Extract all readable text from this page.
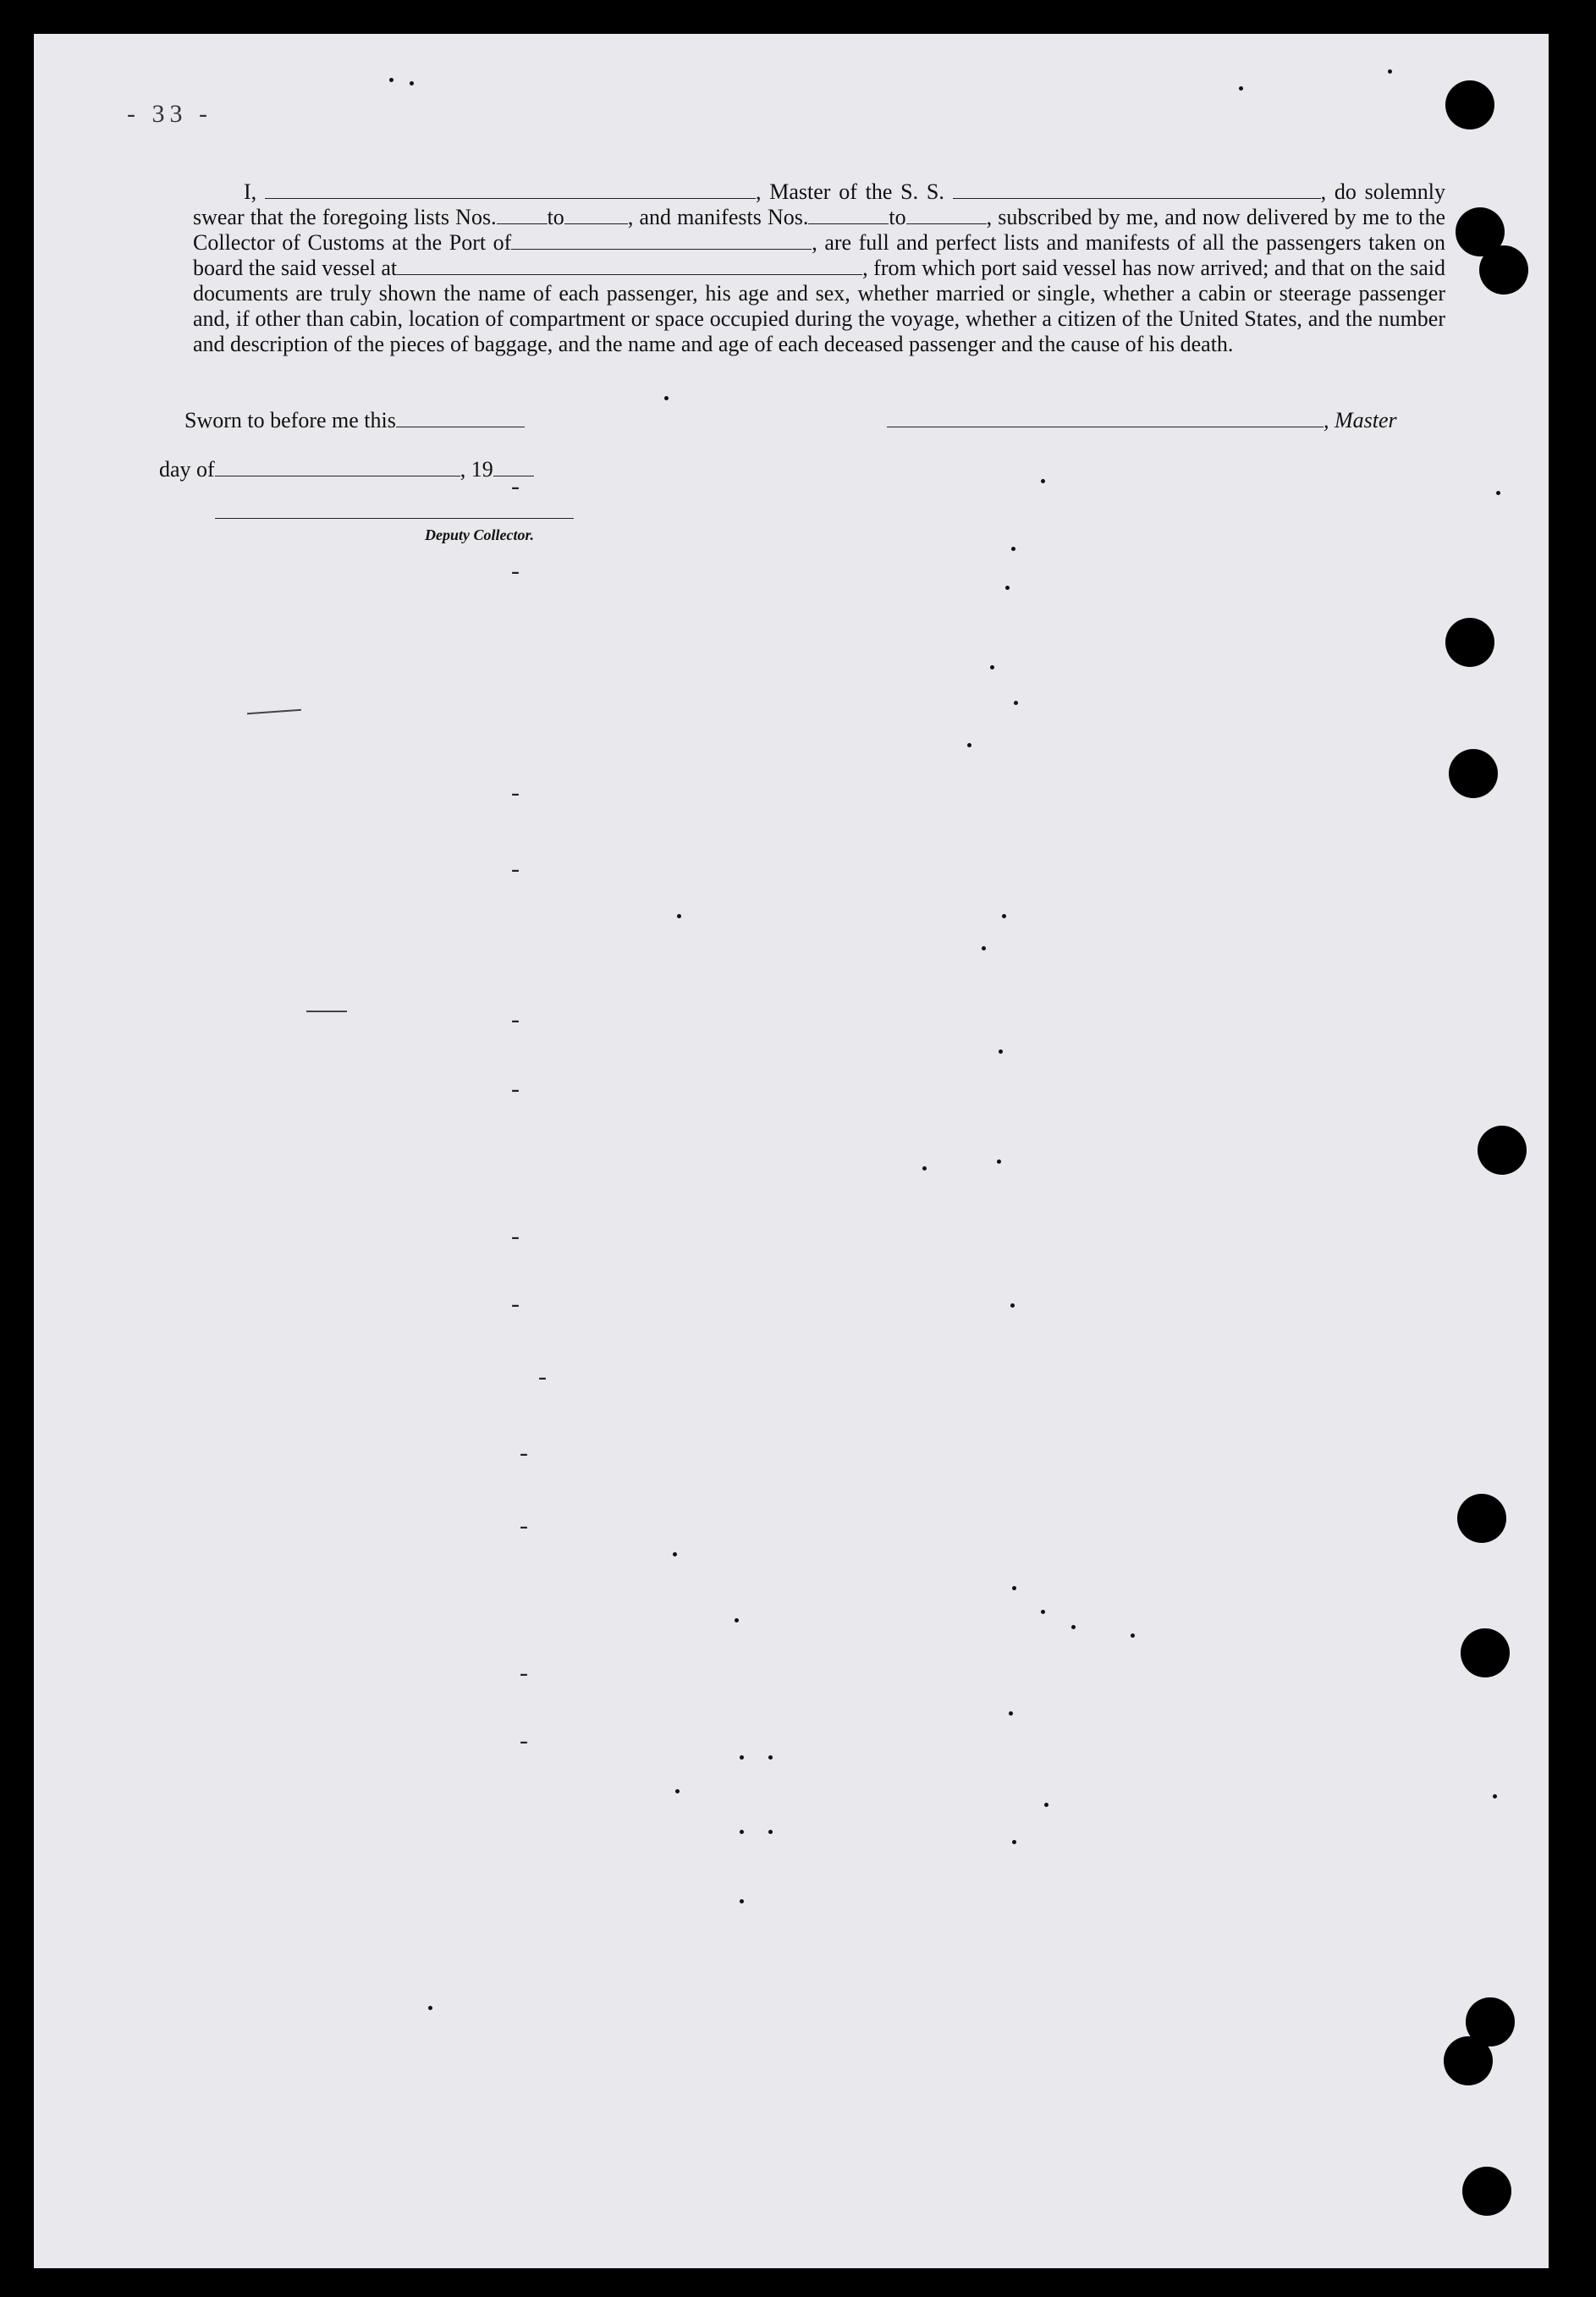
- 33 -
I,	, Master of the S. S.	, do solemnly swear that the foregoing lists Nos. to	, and manifests Nos.	to	, subscribed by me, and now delivered by me to the Collector of Customs at the Port of	, are full and perfect lists and manifests of all the passengers taken on board the said vessel at	, from which port said vessel has now arrived; and that on the said documents are truly shown the name of each passenger, his age and sex, whether married or single, whether a cabin or steerage passenger and, if other than cabin, location of compartment or space occupied during the voyage, whether a citizen of the United States, and the number and description of the pieces of baggage, and the name and age of each deceased passenger and the cause of his death.
Sworn to before me this	, Master
day of	, 19
Deputy Collector.
-
-
-
-
-
-
-
-
-
-
-
-
-
